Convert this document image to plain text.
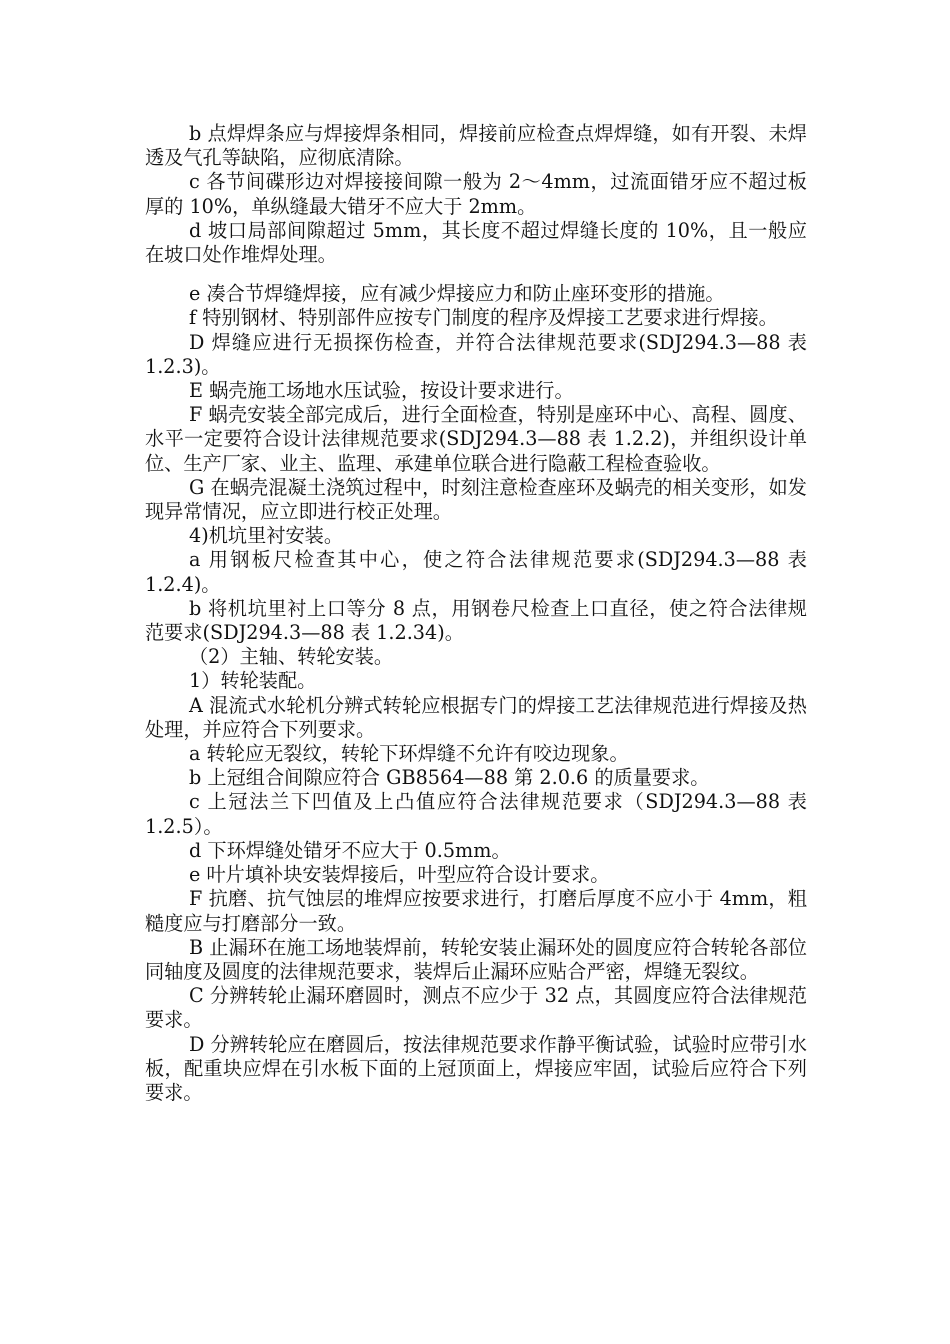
b 点焊焊条应与焊接焊条相同，焊接前应检查点焊焊缝，如有开裂、未焊透及气孔等缺陷，应彻底清除。

c 各节间碟形边对焊接接间隙一般为 2～4mm，过流面错牙应不超过板厚的 10%，单纵缝最大错牙不应大于 2mm。

d 坡口局部间隙超过 5mm，其长度不超过焊缝长度的 10%，且一般应在坡口处作堆焊处理。

e 凑合节焊缝焊接，应有减少焊接应力和防止座环变形的措施。

f 特别钢材、特别部件应按专门制度的程序及焊接工艺要求进行焊接。

D 焊缝应进行无损探伤检查，并符合法律规范要求(SDJ294.3—88 表 1.2.3)。

E 蜗壳施工场地水压试验，按设计要求进行。

F 蜗壳安装全部完成后，进行全面检查，特别是座环中心、高程、圆度、水平一定要符合设计法律规范要求(SDJ294.3—88 表 1.2.2)，并组织设计单位、生产厂家、业主、监理、承建单位联合进行隐蔽工程检查验收。

G 在蜗壳混凝土浇筑过程中，时刻注意检查座环及蜗壳的相关变形，如发现异常情况，应立即进行校正处理。

4)机坑里衬安装。

a 用钢板尺检查其中心，使之符合法律规范要求(SDJ294.3—88 表 1.2.4)。

b 将机坑里衬上口等分 8 点，用钢卷尺检查上口直径，使之符合法律规范要求(SDJ294.3—88 表 1.2.34)。

（2）主轴、转轮安装。

1）转轮装配。

A 混流式水轮机分辨式转轮应根据专门的焊接工艺法律规范进行焊接及热处理，并应符合下列要求。

a 转轮应无裂纹，转轮下环焊缝不允许有咬边现象。

b 上冠组合间隙应符合 GB8564—88 第 2.0.6 的质量要求。

c 上冠法兰下凹值及上凸值应符合法律规范要求（SDJ294.3—88 表 1.2.5）。

d 下环焊缝处错牙不应大于 0.5mm。

e 叶片填补块安装焊接后，叶型应符合设计要求。

F 抗磨、抗气蚀层的堆焊应按要求进行，打磨后厚度不应小于 4mm，粗糙度应与打磨部分一致。

B 止漏环在施工场地装焊前，转轮安装止漏环处的圆度应符合转轮各部位同轴度及圆度的法律规范要求，装焊后止漏环应贴合严密，焊缝无裂纹。

C 分辨转轮止漏环磨圆时，测点不应少于 32 点，其圆度应符合法律规范要求。

D 分辨转轮应在磨圆后，按法律规范要求作静平衡试验，试验时应带引水板，配重块应焊在引水板下面的上冠顶面上，焊接应牢固，试验后应符合下列要求。
